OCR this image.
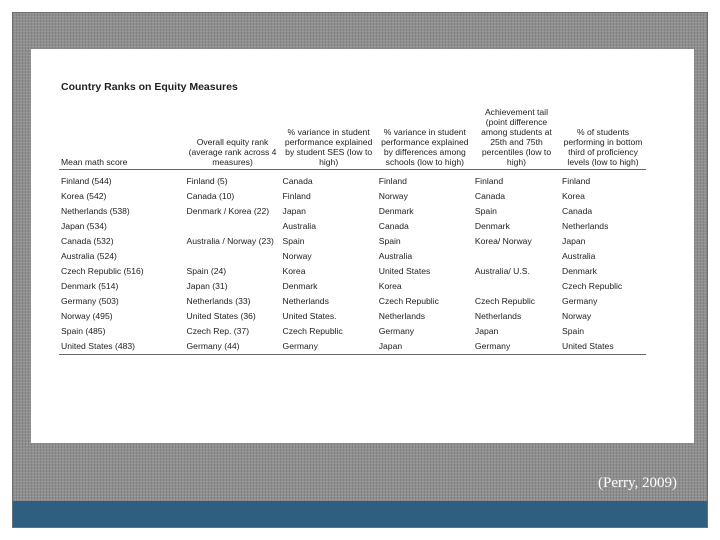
Country Ranks on Equity Measures
Mean math score	Overall equity rank (average rank across 4 measures)	% variance in student performance explained by student SES (low to high)	% variance in student performance explained by differences among schools (low to high)	Achievement tail (point difference among students at 25th and 75th percentiles (low to high)	% of students performing in bottom third of proficiency levels (low to high)
Finland (544)	Finland (5)	Canada	Finland	Finland	Finland
Korea (542)	Canada (10)	Finland	Norway	Canada	Korea
Netherlands (538)	Denmark / Korea (22)	Japan	Denmark	Spain	Canada
Japan (534)		Australia	Canada	Denmark	Netherlands
Canada (532)	Australia / Norway (23)	Spain	Spain	Korea/ Norway	Japan
Australia (524)		Norway	Australia		Australia
Czech Republic (516)	Spain (24)	Korea	United States	Australia/ U.S.	Denmark
Denmark (514)	Japan (31)	Denmark	Korea		Czech Republic
Germany (503)	Netherlands (33)	Netherlands	Czech Republic	Czech Republic	Germany
Norway (495)	United States (36)	United States.	Netherlands	Netherlands	Norway
Spain (485)	Czech Rep. (37)	Czech Republic	Germany	Japan	Spain
United States (483)	Germany (44)	Germany	Japan	Germany	United States
(Perry, 2009)
